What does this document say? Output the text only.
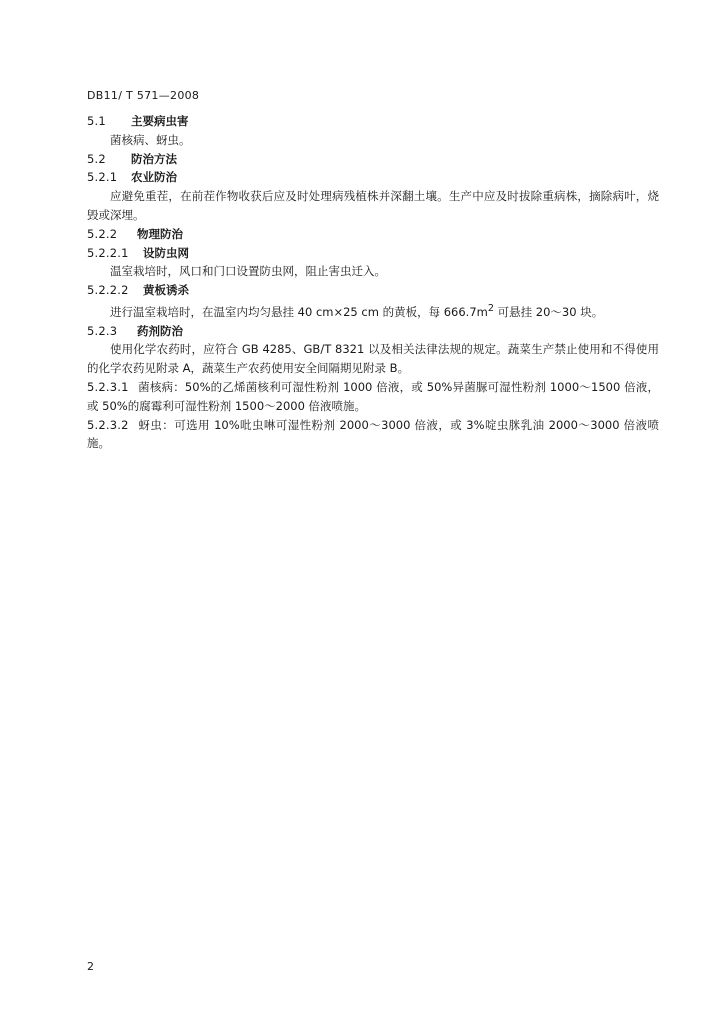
DB11/ T 571—2008
5.1	主要病虫害
菌核病、蚜虫。
5.2	防治方法
5.2.1	农业防治
应避免重茬，在前茬作物收获后应及时处理病残植株并深翻土壤。生产中应及时拔除重病株，摘除病叶，烧毁或深埋。
5.2.2	物理防治
5.2.2.1	设防虫网
温室栽培时，风口和门口设置防虫网，阻止害虫迁入。
5.2.2.2	黄板诱杀
进行温室栽培时，在温室内均匀悬挂 40 cm×25 cm 的黄板，每 $666.7m^2$ 可悬挂 20～30 块。
5.2.3	药剂防治
使用化学农药时，应符合 GB 4285、GB/T 8321 以及相关法律法规的规定。蔬菜生产禁止使用和不得使用的化学农药见附录 A，蔬菜生产农药使用安全间隔期见附录 B。
5.2.3.1 菌核病：50%的乙烯菌核利可湿性粉剂 1000 倍液，或 50%异菌脲可湿性粉剂 1000～1500 倍液，或 50%的腐霉利可湿性粉剂 1500～2000 倍液喷施。
5.2.3.2 蚜虫：可选用 10%吡虫啉可湿性粉剂 2000～3000 倍液，或 3%啶虫脒乳油 2000～3000 倍液喷施。
2
